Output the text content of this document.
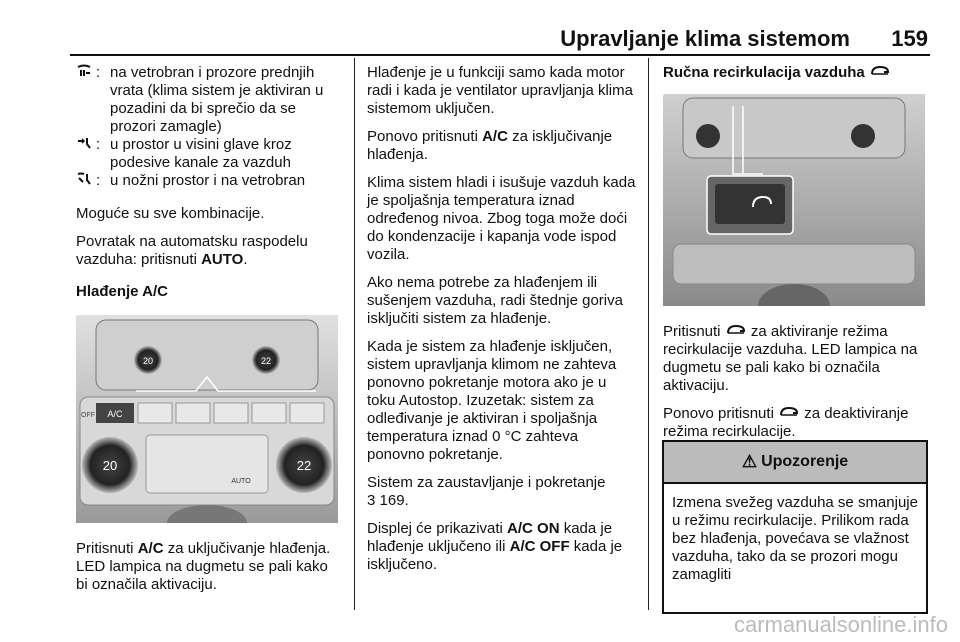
Upravljanje klima sistemom 159
: na vetrobran i prozore prednjih vrata (klima sistem je aktiviran u pozadini da bi sprečio da se prozori zamagle)
: u prostor u visini glave kroz podesive kanale za vazduh
: u nožni prostor i na vetrobran

Moguće su sve kombinacije.

Povratak na automatsku raspodelu vazduha: pritisnuti AUTO.

Hlađenje A/C

20	22
A/C
OFF
20	22
AUTO

Pritisnuti A/C za uključivanje hlađenja. LED lampica na dugmetu se pali kako bi označila aktivaciju.

Hlađenje je u funkciji samo kada motor radi i kada je ventilator upravljanja klima sistemom uključen.

Ponovo pritisnuti A/C za isključivanje hlađenja.

Klima sistem hladi i isušuje vazduh kada je spoljašnja temperatura iznad određenog nivoa. Zbog toga može doći do kondenzacije i kapanja vode ispod vozila.

Ako nema potrebe za hlađenjem ili sušenjem vazduha, radi štednje goriva isključiti sistem za hlađenje.

Kada je sistem za hlađenje isključen, sistem upravljanja klimom ne zahteva ponovno pokretanje motora ako je u toku Autostop. Izuzetak: sistem za odleđivanje je aktiviran i spoljašnja temperatura iznad 0 °C zahteva ponovno pokretanje.

Sistem za zaustavljanje i pokretanje
3 169.

Displej će prikazivati A/C ON kada je hlađenje uključeno ili A/C OFF kada je isključeno.

Ručna recirkulacija vazduha

Pritisnuti  za aktiviranje režima recirkulacije vazduha. LED lampica na dugmetu se pali kako bi označila aktivaciju.

Ponovo pritisnuti  za deaktiviranje režima recirkulacije.

⚠ Upozorenje
Izmena svežeg vazduha se smanjuje u režimu recirkulacije. Prilikom rada bez hlađenja, povećava se vlažnost vazduha, tako da se prozori mogu zamagliti
carmanualsonline.info
